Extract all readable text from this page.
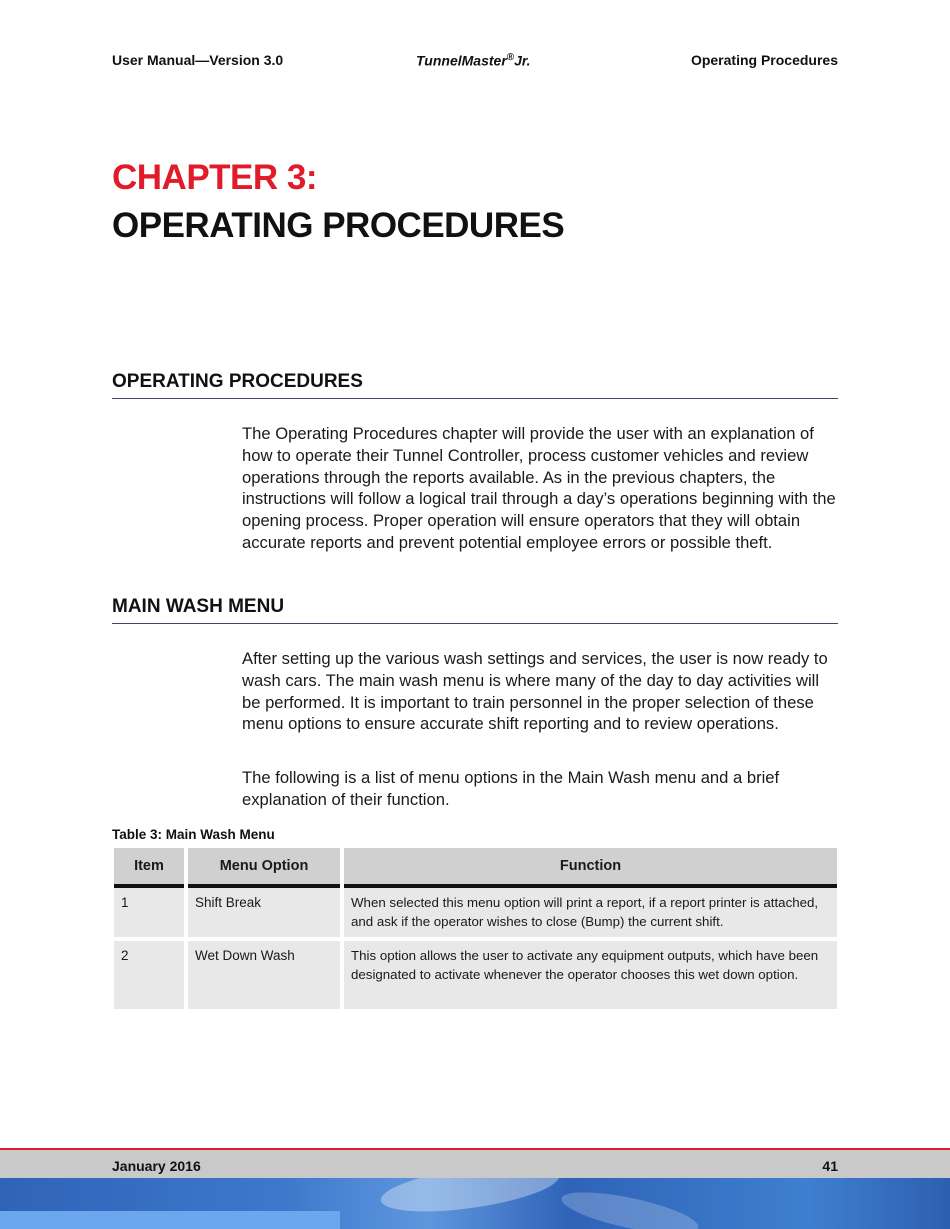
User Manual—Version 3.0	TunnelMaster®Jr.	Operating Procedures
CHAPTER 3:
OPERATING PROCEDURES
OPERATING PROCEDURES

The Operating Procedures chapter will provide the user with an explanation of how to operate their Tunnel Controller, process customer vehicles and review operations through the reports available. As in the previous chapters, the instructions will follow a logical trail through a day’s operations beginning with the opening process. Proper operation will ensure operators that they will obtain accurate reports and prevent potential employee errors or possible theft.

MAIN WASH MENU

After setting up the various wash settings and services, the user is now ready to wash cars. The main wash menu is where many of the day to day activities will be performed. It is important to train personnel in the proper selection of these menu options to ensure accurate shift reporting and to review operations.

The following is a list of menu options in the Main Wash menu and a brief explanation of their function.

Table 3: Main Wash Menu
Item	Menu Option	Function
1	Shift Break	When selected this menu option will print a report, if a report printer is attached, and ask if the operator wishes to close (Bump) the current shift.
2	Wet Down Wash	This option allows the user to activate any equipment outputs, which have been designated to activate whenever the operator chooses this wet down option.
January 2016	41
